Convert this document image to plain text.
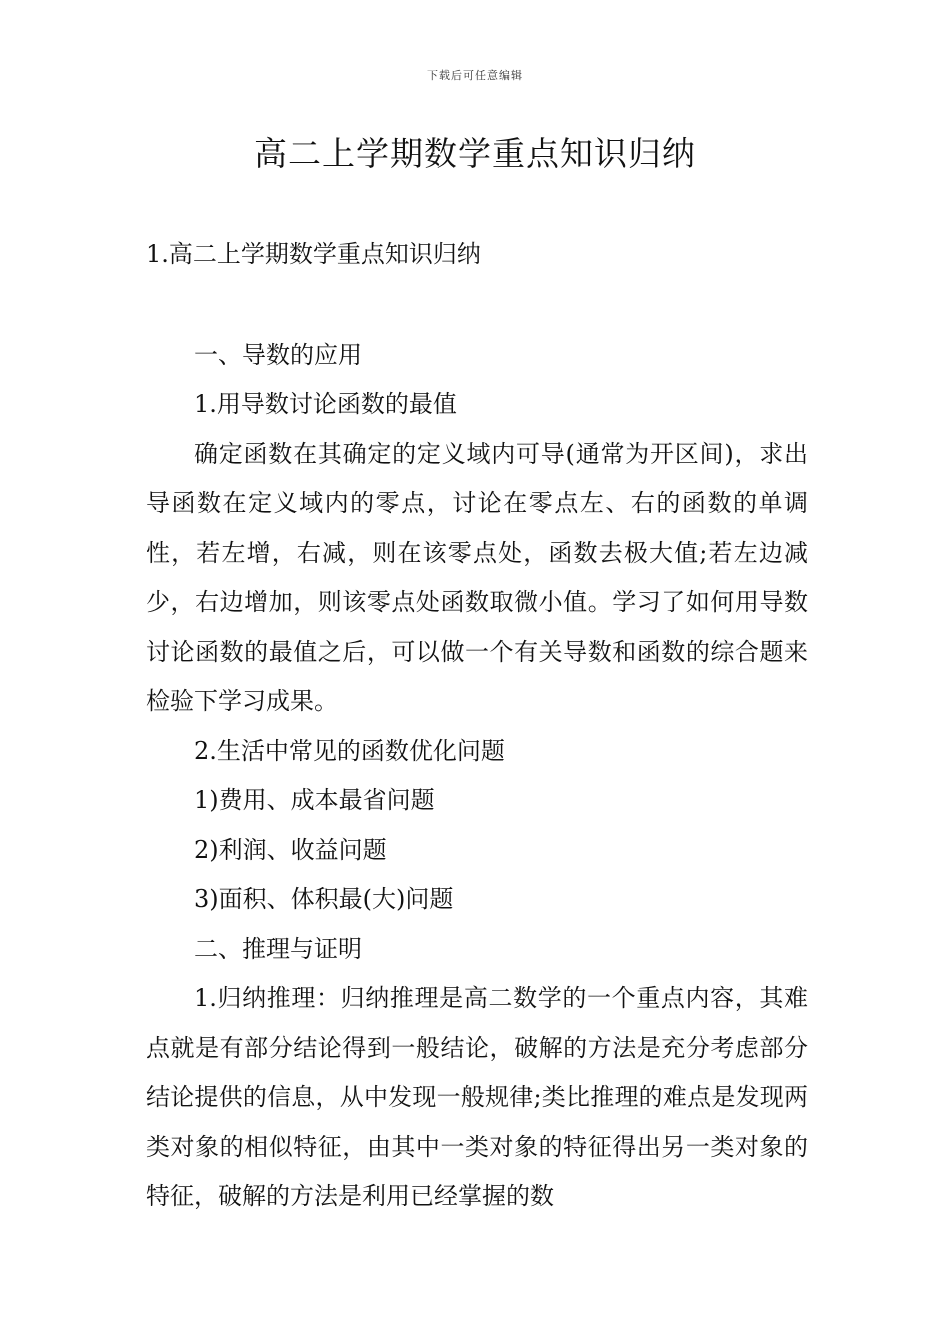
下载后可任意编辑
高二上学期数学重点知识归纳

1.高二上学期数学重点知识归纳

一、导数的应用

1.用导数讨论函数的最值

确定函数在其确定的定义域内可导(通常为开区间)，求出导函数在定义域内的零点，讨论在零点左、右的函数的单调性，若左增，右减，则在该零点处，函数去极大值;若左边减少，右边增加，则该零点处函数取微小值。学习了如何用导数讨论函数的最值之后，可以做一个有关导数和函数的综合题来检验下学习成果。

2.生活中常见的函数优化问题

1)费用、成本最省问题

2)利润、收益问题

3)面积、体积最(大)问题

二、推理与证明

1.归纳推理：归纳推理是高二数学的一个重点内容，其难点就是有部分结论得到一般结论，破解的方法是充分考虑部分结论提供的信息，从中发现一般规律;类比推理的难点是发现两类对象的相似特征，由其中一类对象的特征得出另一类对象的特征，破解的方法是利用已经掌握的数
